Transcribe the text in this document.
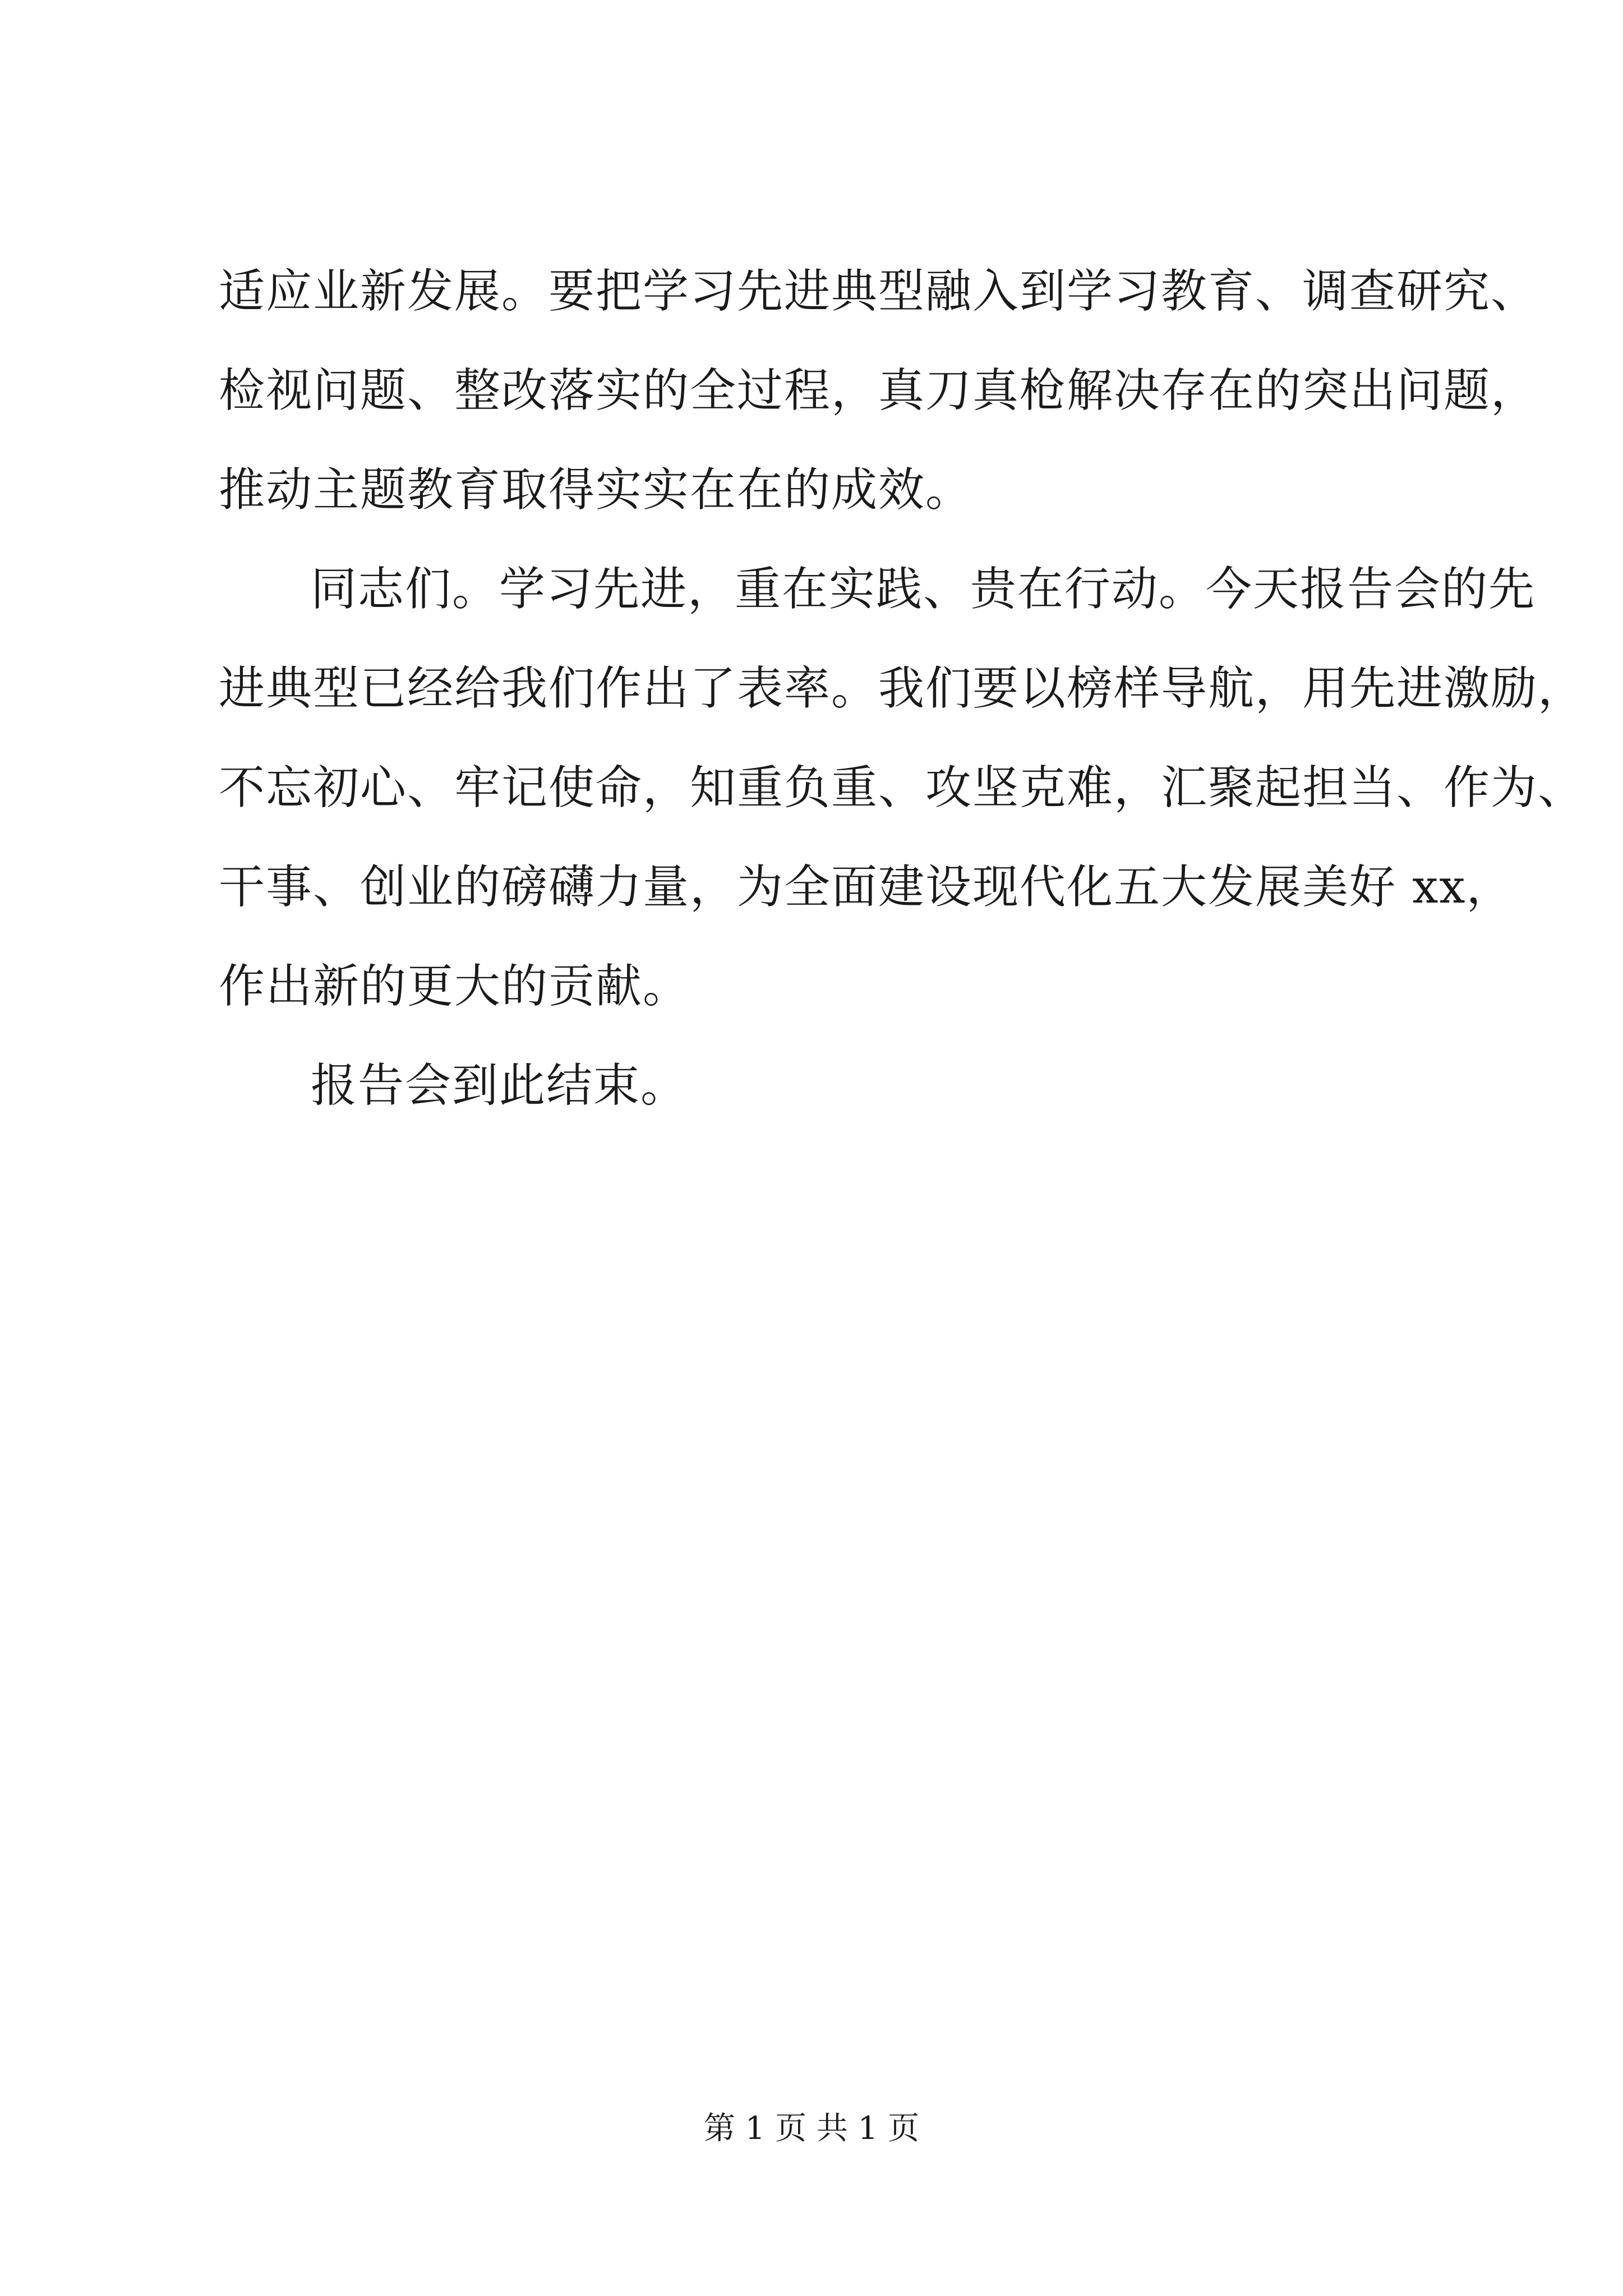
适应业新发展。要把学习先进典型融入到学习教育、调查研究、
检视问题、整改落实的全过程，真刀真枪解决存在的突出问题，
推动主题教育取得实实在在的成效。
同志们。学习先进，重在实践、贵在行动。今天报告会的先
进典型已经给我们作出了表率。我们要以榜样导航，用先进激励，
不忘初心、牢记使命，知重负重、攻坚克难，汇聚起担当、作为、
干事、创业的磅礴力量，为全面建设现代化五大发展美好 xx，
作出新的更大的贡献。
报告会到此结束。
第 1 页 共 1 页
